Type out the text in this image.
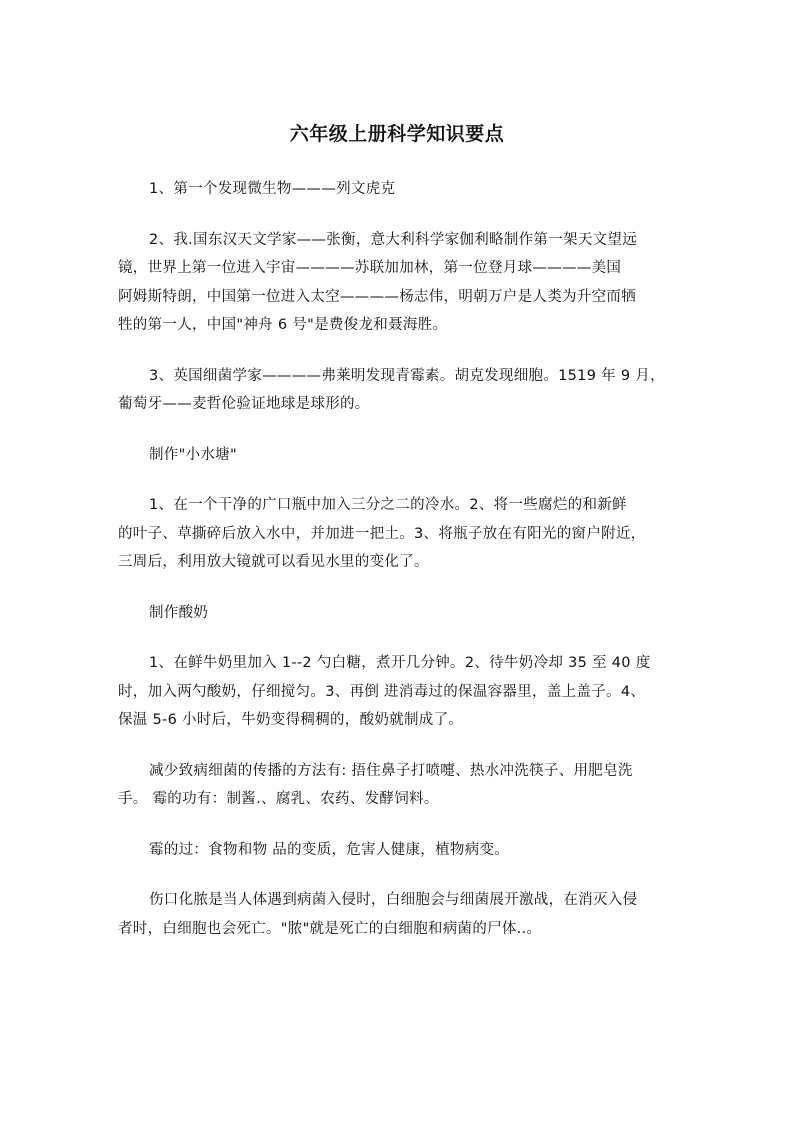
六年级上册科学知识要点

1、第一个发现微生物———列文虎克

2、我.国东汉天文学家——张衡，意大利科学家伽利略制作第一架天文望远
镜，世界上第一位进入宇宙————苏联加加林，第一位登月球————美国
阿姆斯特朗，中国第一位进入太空————杨志伟，明朝万户是人类为升空而牺
牲的第一人，中国"神舟 6 号"是费俊龙和聂海胜。

3、英国细菌学家————弗莱明发现青霉素。胡克发现细胞。1519 年 9 月，
葡萄牙——麦哲伦验证地球是球形的。

制作"小水塘"

1、在一个干净的广口瓶中加入三分之二的冷水。2、将一些腐烂的和新鲜
的叶子、草撕碎后放入水中，并加进一把土。3、将瓶子放在有阳光的窗户附近，
三周后，利用放大镜就可以看见水里的变化了。

制作酸奶

1、在鲜牛奶里加入 1--2 勺白糖，煮开几分钟。2、待牛奶冷却 35 至 40 度
时，加入两勺酸奶，仔细搅匀。3、再倒 进消毒过的保温容器里，盖上盖子。4、
保温 5-6 小时后，牛奶变得稠稠的，酸奶就制成了。

减少致病细菌的传播的方法有: 捂住鼻子打喷嚏、热水冲洗筷子、用肥皂洗
手。 霉的功有：制酱.、腐乳、农药、发酵饲料。

霉的过：食物和物 品的变质，危害人健康，植物病变。

伤口化脓是当人体遇到病菌入侵时，白细胞会与细菌展开激战，在消灭入侵
者时，白细胞也会死亡。"脓"就是死亡的白细胞和病菌的尸体..。
